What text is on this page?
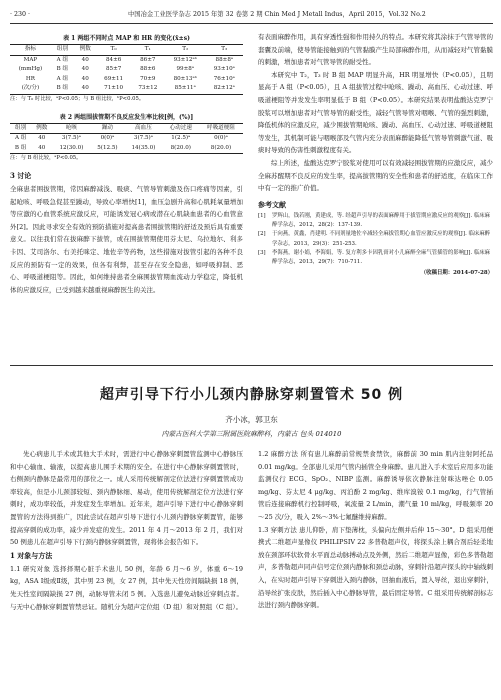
· 230 ·	中国冶金工业医学杂志 2015 年第 32 卷第 2 期 Chin Med J Metall Indus，April 2015，Vol.32 No.2
表 1 两组不同时点 MAP 和 HR 的变化(x̄±s)
指标	组别	例数	T₀	T₁	T₂	T₃
MAP	A 组	40	84±6	86±7	93±12ᵃᵇ	88±8ᵃ
(mmHg)	B 组	40	85±7	88±6	99±8ᵃ	93±10ᵃ
HR	A 组	40	69±11	70±9	80±13ᵃᵇ	76±10ᵃ
(次/分)	B 组	40	71±10	73±12	85±11ᵃ	82±12ᵃ
注：与 T₀ 时比较，ᵃP<0.05；与 B 组比较，ᵇP<0.05。
表 2 两组围拔管期不良反应发生率比较[例，(%)]
组别	例数	呛咳	躁动	高血压	心动过速	呼吸道梗阻
A 组	40	3(7.5)ᵃ	0(0)ᵃ	3(7.5)ᵃ	1(2.5)ᵃ	0(0)ᵃ
B 组	40	12(30.0)	5(12.5)	14(35.0)	8(20.0)	8(20.0)
注：与 B 组比较，ᵃP<0.05。
3 讨论
全麻患者围拔管期，常因麻醉减浅、吸痰、气管导管刺激及伤口疼痛等因素，引起呛咳、呼吸急促甚至躁动，导致心率增快[1]，血压急剧升高和心肌耗氧量增加等应激的心血管系统应激反应，可能诱发冠心病或潜在心肌缺血患者的心血管意外[2]。因此寻求安全有效的预防措施对提高患者围拔管期的舒适及预后具有重要意义。以往我们常在拔麻醉下拔管，或在围拔管期使用芬太尼、乌拉地尔、利多卡因、艾司洛尔、右美托咪定、地佐辛等药物，这些措施对拔管引起的各种不良反应的预防有一定的效果，但各有利弊，甚至存在安全隐患，如呼吸抑制、恶心、呼吸道梗阻等。因此，如何维持患者全麻围拔管期血流动力学稳定，降低机体的应激反应，已受到越来越重视麻醉医生的关注。
有表面麻醉作用，具有穿透性强和作用持久的特点。本研究将其涂抹于气管导管的套囊及前端，使导管能接触到的气管黏膜产生局部麻醉作用，从而减轻对气管黏膜的刺激，增加患者对气管导管的耐受性。
本研究中 T₂，T₃ 时 B 组 MAP 明显升高，HR 明显增快（P<0.05），且明显高于 A 组（P<0.05），且 A 组拔管过程中呛咳、躁动、高血压、心动过速、呼吸道梗阻等并发发生率明显低于 B 组（P<0.05）。本研究结果表明盐酸达克罗宁胶浆可以增加患者对气管导管的耐受性，减轻气管导管对咽喉、气管的强烈刺激，降低机体的应激反应，减少围拔管期呛咳、躁动、高血压、心动过速、呼吸道梗阻等发生，其机制可能与咽喉部及气管内充分表面麻醉能降低气管导管刺激气道、吸痰时导致的伤害性刺激程度有关。
综上所述，盐酸达克罗宁胶浆对使用可以有效减轻围拔管期的应激反应，减少全麻苏醒期不良反应的发生率，提高拔管期的安全性和患者的舒适度，在临床工作中有一定的推广价值。
参考文献
[1]	罗辉山，钱若刚，黄建成，等. 经超声引导的表面麻醉用于拔管期应激反应的观察[J]. 临床麻醉学杂志，2012，28(2)：137-139.
[2]	于向燕，黄鑫，肖建明. 不同剂量地佐辛减轻全麻拔管期心血管应激反应的观察[J]. 临床麻醉学杂志，2013，29(3)：251-253.
[3]	李海燕，谢小娟，李海娟，等. 复方利多卡因乳膏对小儿麻醉全麻气管插管的影响[J]. 临床麻醉学杂志，2013，29(7)：710-711.
（收稿日期：2014-07-28）
超声引导下行小儿颈内静脉穿刺置管术 50 例
齐小冰，郭卫东
内蒙古医科大学第三附属医院麻醉科，内蒙古 包头 014010
先心病患儿手术或其他大手术时，需进行中心静脉穿刺置管监测中心静脉压和中心输血、输液，以提高患儿围手术期的安全。在进行中心静脉穿刺置管时，右侧颈内静脉是最常用的部位之一。成人采用传统解剖定位法进行穿刺置管成功率较高，但是小儿颈部较短、颈内静脉细、易动，使用传统解剖定位方法进行穿刺时，成功率较低，并发症发生率增加。近年来，超声引导下进行中心静脉穿刺置管的方法得到推广，因此尝试在超声引导下进行小儿颈内静脉穿刺置管，能够提高穿刺的成功率，减少并发症的发生。2011 年 4 月～2013 年 2 月，我们对 50 例患儿在超声引导下行颈内静脉穿刺置管，现将体会报告如下。
1 对象与方法
1.1 研究对象 选择择期心脏手术患儿 50 例，年龄 6 月～6 岁，体重 6～19 kg，ASA Ⅰ级或Ⅱ级，其中男 23 例，女 27 例，其中先天性房间隔缺损 18 例，先天性室间隔缺损 27 例，动脉导管未闭 5 例。入选患儿避免动脉近穿刺点者。与无中心静脉穿刺置管禁忌证。随机分为超声定位组（D 组）和对照组（C 组）。
1.2 麻醉方法 所有患儿麻醉前常规禁食禁饮，麻醉前 30 min 肌内注射阿托品 0.01 mg/kg。全部患儿采用气管内插管全身麻醉。患儿进入手术室后应用多功能监测仪行 ECG、SpO₂、NIBP 监测。麻醉诱导依次静脉注射咪达唑仑 0.05 mg/kg、芬太尼 4 μg/kg、丙泊酚 2 mg/kg、维库溴铵 0.1 mg/kg，行气管插管后连接麻醉机行控制呼吸，氧流量 2 L/min，潮气量 10 ml/kg，呼吸频率 20～25 次/分，吸入 2%～3%七氟醚维持麻醉。
1.3 穿刺方法 患儿仰卧，肩下垫薄枕，头偏向左侧并后伸 15～30°。D 组采用便携式二维超声显像仪 PHILIPSIV 22 多普勒超声仪，将探头涂上耦合剂后轻柔地放在颈部环状软骨水平面总动脉搏动点及外侧，然后二维超声显像，彩色多普勒超声，多普勒超声同声信号定位颈内静脉和颈总动脉，穿刺针沿超声探头的中轴线刺入，在实时超声引导下穿刺进入颈内静脉，回抽血液后，置入导丝，退出穿刺针，沿导丝扩张皮肤，然后插入中心静脉导管，最后固定导管。C 组采用传统解剖标志法进行颈内静脉穿刺。
